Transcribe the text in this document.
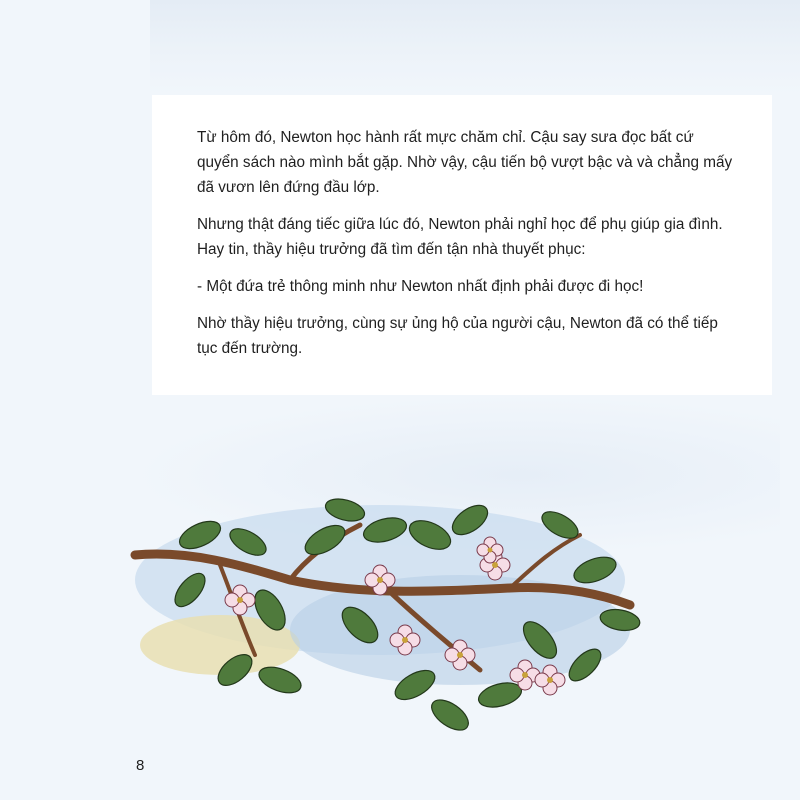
Từ hôm đó, Newton học hành rất mực chăm chỉ. Cậu say sưa đọc bất cứ quyển sách nào mình bắt gặp. Nhờ vậy, cậu tiến bộ vượt bậc và và chẳng mấy đã vươn lên đứng đầu lớp.

Nhưng thật đáng tiếc giữa lúc đó, Newton phải nghỉ học để phụ giúp gia đình. Hay tin, thầy hiệu trưởng đã tìm đến tận nhà thuyết phục:

- Một đứa trẻ thông minh như Newton nhất định phải được đi học!

Nhờ thầy hiệu trưởng, cùng sự ủng hộ của người cậu, Newton đã có thể tiếp tục đến trường.

8
